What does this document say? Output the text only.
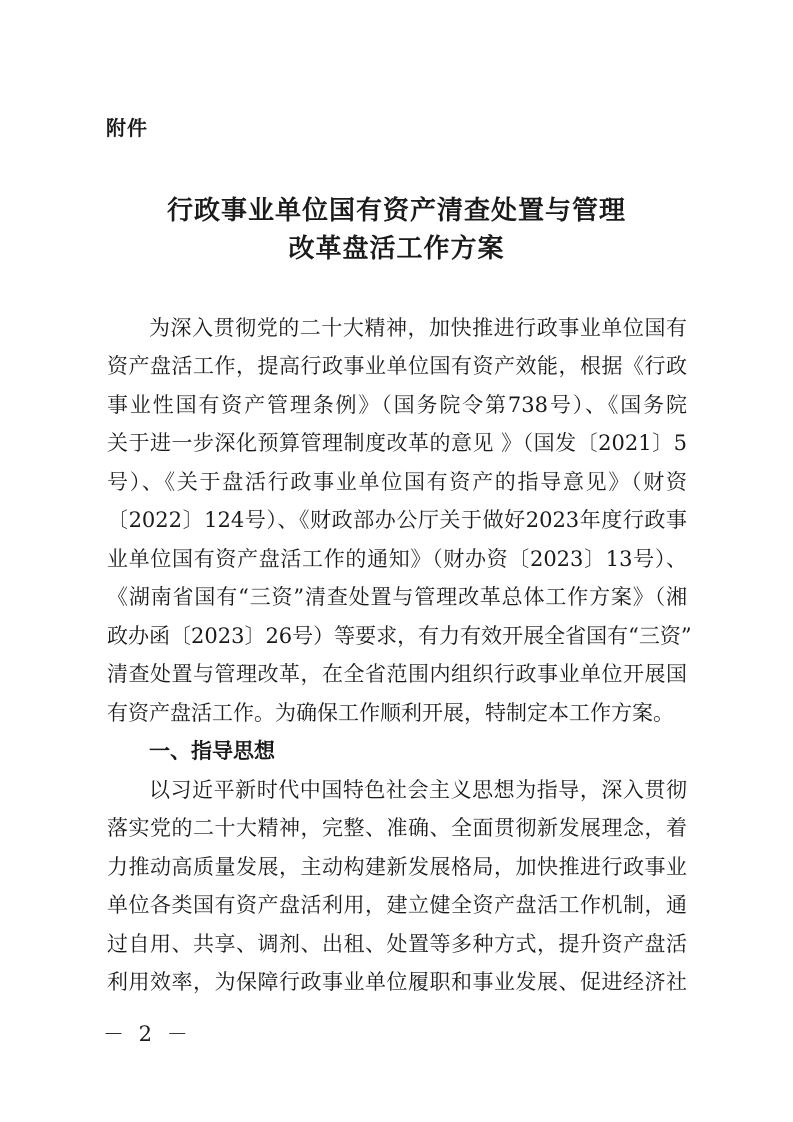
附件

行政事业单位国有资产清查处置与管理
改革盘活工作方案

为深入贯彻党的二十大精神，加快推进行政事业单位国有

资产盘活工作，提高行政事业单位国有资产效能，根据《行政

事业性国有资产管理条例》（国务院令第738号）、《国务院

关于进一步深化预算管理制度改革的意见 》（国发〔2021〕5

号）、《关于盘活行政事业单位国有资产的指导意见》（财资

〔2022〕124号）、《财政部办公厅关于做好2023年度行政事

业单位国有资产盘活工作的通知》（财办资〔2023〕13号）、

《湖南省国有“三资”清查处置与管理改革总体工作方案》（湘

政办函〔2023〕26号）等要求，有力有效开展全省国有“三资”

清查处置与管理改革，在全省范围内组织行政事业单位开展国

有资产盘活工作。为确保工作顺利开展，特制定本工作方案。

一、指导思想

以习近平新时代中国特色社会主义思想为指导，深入贯彻

落实党的二十大精神，完整、准确、全面贯彻新发展理念，着

力推动高质量发展，主动构建新发展格局，加快推进行政事业

单位各类国有资产盘活利用，建立健全资产盘活工作机制，通

过自用、共享、调剂、出租、处置等多种方式，提升资产盘活

利用效率，为保障行政事业单位履职和事业发展、促进经济社

－ 2 －
